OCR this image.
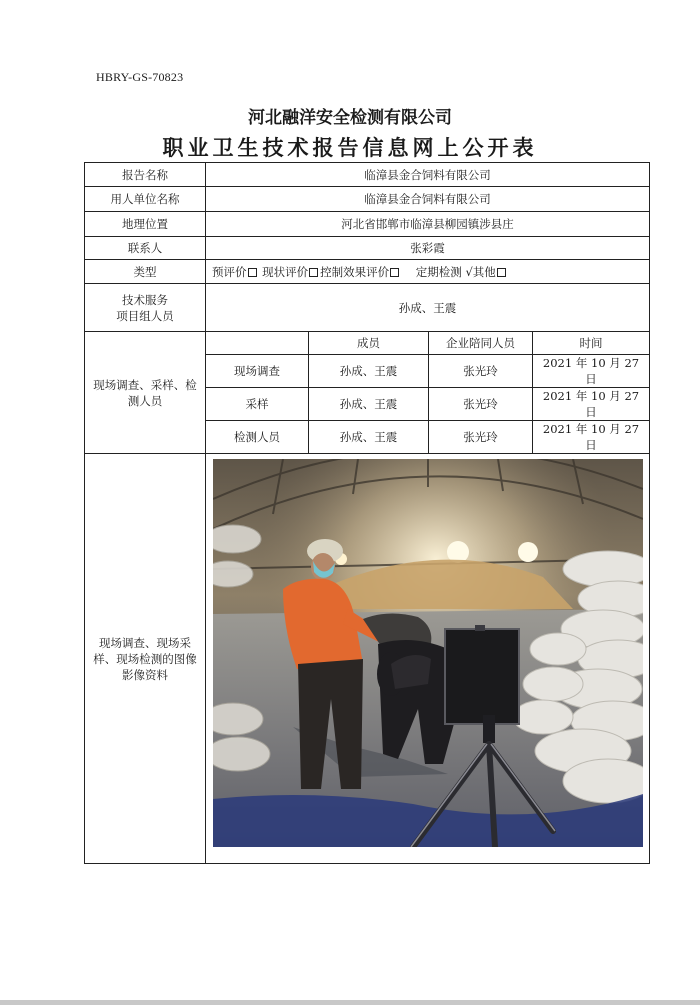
HBRY-GS-70823
河北融洋安全检测有限公司
职业卫生技术报告信息网上公开表
报告名称	临漳县金合饲料有限公司			
用人单位名称	临漳县金合饲料有限公司			
地理位置	河北省邯郸市临漳县柳园镇涉县庄			
联系人	张彩霞			
类型	预评价 现状评价 控制效果评价 定期检测 √其他			

技术服务
项目组人员	孙成、王震			
现场调查、采样、检测人员		成员	企业陪同人员	时间
	现场调查	孙成、王震	张光玲	2021 年 10 月 27 日
	采样	孙成、王震	张光玲	2021 年 10 月 27 日
	检测人员	孙成、王震	张光玲	2021 年 10 月 27 日
现场调查、现场采样、现场检测的图像影像资料	
